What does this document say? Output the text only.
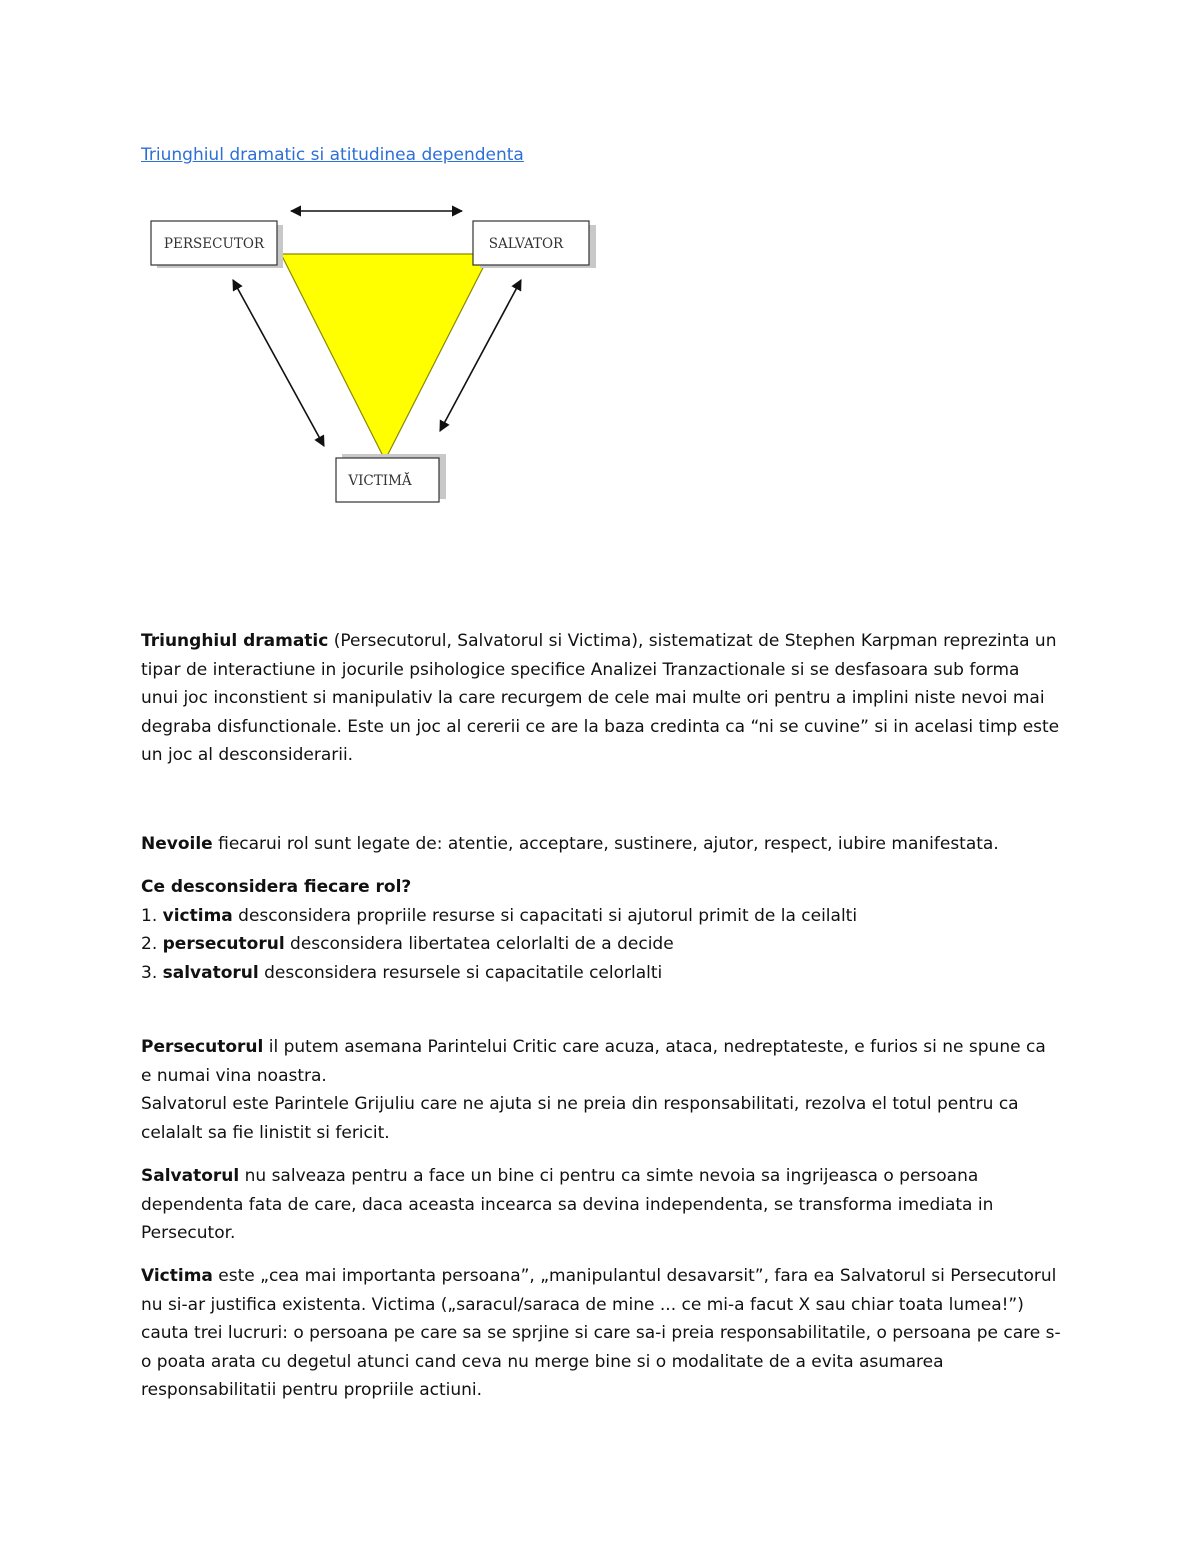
Triunghiul dramatic si atitudinea dependenta
PERSECUTOR	SALVATOR
VICTIMĂ

Triunghiul dramatic (Persecutorul, Salvatorul si Victima), sistematizat de Stephen Karpman reprezinta un tipar de interactiune in jocurile psihologice specifice Analizei Tranzactionale si se desfasoara sub forma unui joc inconstient si manipulativ la care recurgem de cele mai multe ori pentru a implini niste nevoi mai degraba disfunctionale. Este un joc al cererii ce are la baza credinta ca “ni se cuvine” si in acelasi timp este un joc al desconsiderarii.

Nevoile fiecarui rol sunt legate de: atentie, acceptare, sustinere, ajutor, respect, iubire manifestata.

Ce desconsidera fiecare rol?
1. victima desconsidera propriile resurse si capacitati si ajutorul primit de la ceilalti
2. persecutorul desconsidera libertatea celorlalti de a decide
3. salvatorul desconsidera resursele si capacitatile celorlalti
Persecutorul il putem asemana Parintelui Critic care acuza, ataca, nedreptateste, e furios si ne spune ca e numai vina noastra.
Salvatorul este Parintele Grijuliu care ne ajuta si ne preia din responsabilitati, rezolva el totul pentru ca celalalt sa fie linistit si fericit.

Salvatorul nu salveaza pentru a face un bine ci pentru ca simte nevoia sa ingrijeasca o persoana dependenta fata de care, daca aceasta incearca sa devina independenta, se transforma imediata in Persecutor.

Victima este „cea mai importanta persoana”, „manipulantul desavarsit”, fara ea Salvatorul si Persecutorul nu si-ar justifica existenta. Victima („saracul/saraca de mine ... ce mi-a facut X sau chiar toata lumea!”) cauta trei lucruri: o persoana pe care sa se sprjine si care sa-i preia responsabilitatile, o persoana pe care s-o poata arata cu degetul atunci cand ceva nu merge bine si o modalitate de a evita asumarea responsabilitatii pentru propriile actiuni.
